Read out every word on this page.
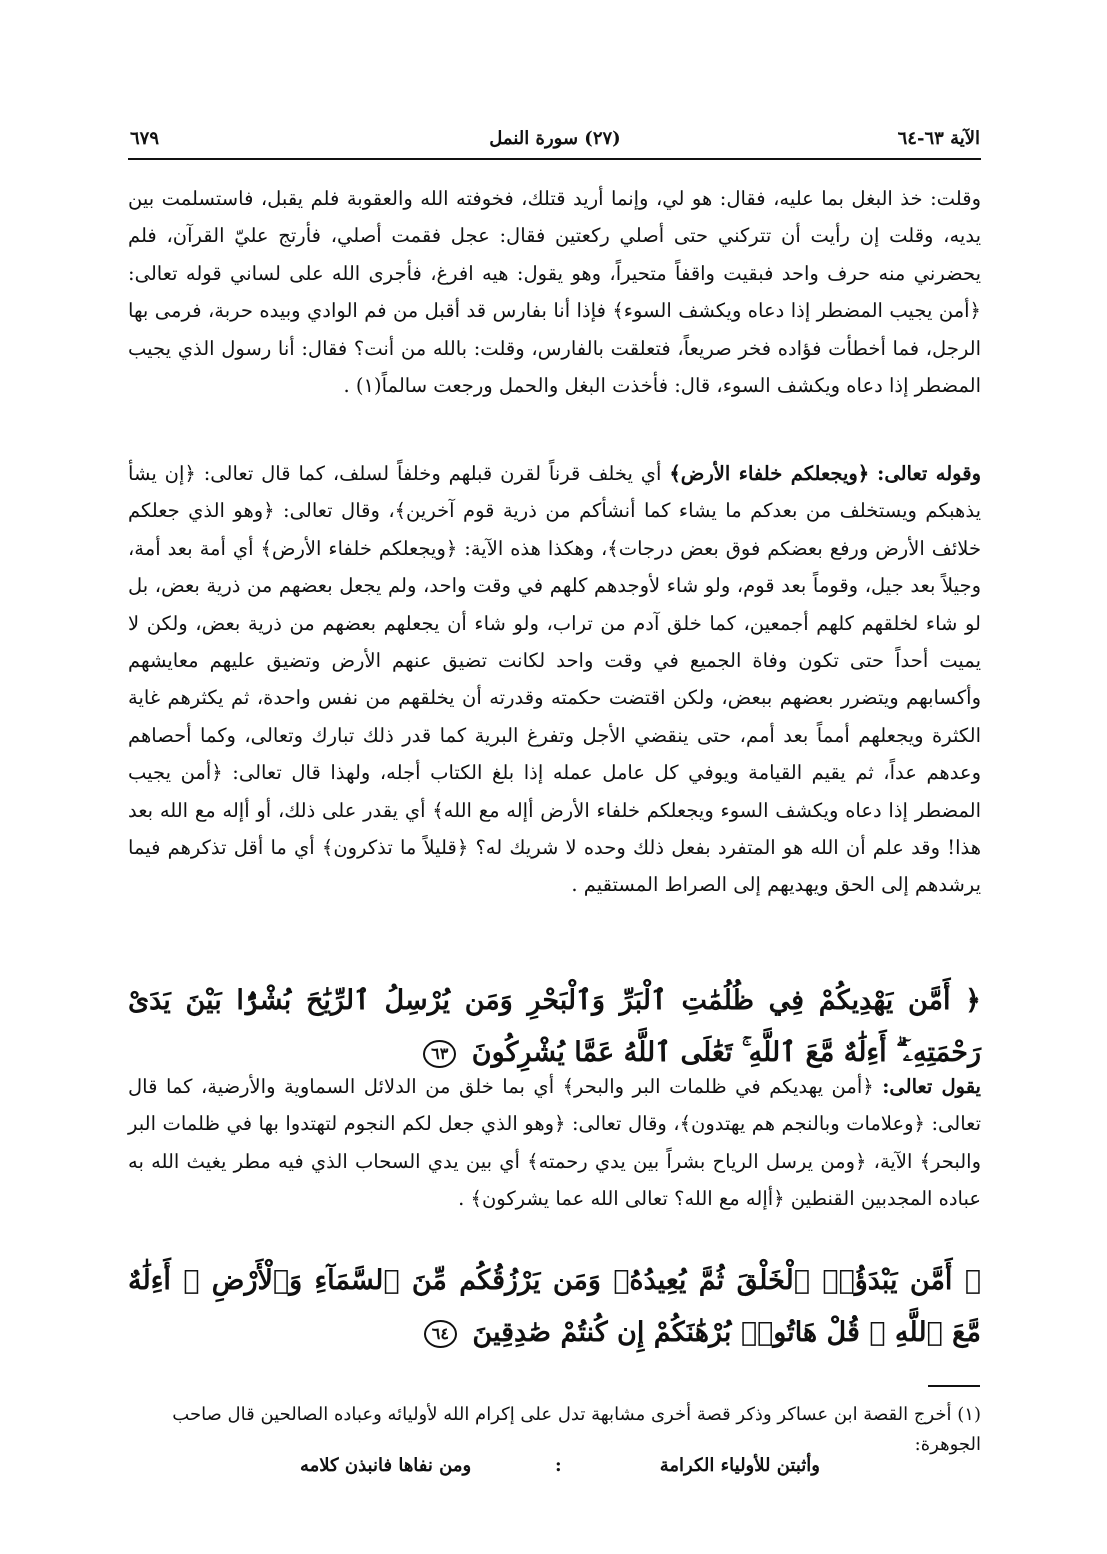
الآية ٦٣-٦٤
(٢٧) سورة النمل
٦٧٩

وقلت: خذ البغل بما عليه، فقال: هو لي، وإنما أريد قتلك، فخوفته الله والعقوبة فلم يقبل، فاستسلمت بين يديه، وقلت إن رأيت أن تتركني حتى أصلي ركعتين فقال: عجل فقمت أصلي، فأرتج عليّ القرآن، فلم يحضرني منه حرف واحد فبقيت واقفاً متحيراً، وهو يقول: هيه افرغ، فأجرى الله على لساني قوله تعالى: ﴿أمن يجيب المضطر إذا دعاه ويكشف السوء﴾ فإذا أنا بفارس قد أقبل من فم الوادي وبيده حربة، فرمى بها الرجل، فما أخطأت فؤاده فخر صريعاً، فتعلقت بالفارس، وقلت: بالله من أنت؟ فقال: أنا رسول الذي يجيب المضطر إذا دعاه ويكشف السوء، قال: فأخذت البغل والحمل ورجعت سالماً(١) .

وقوله تعالى: ﴿ويجعلكم خلفاء الأرض﴾ أي يخلف قرناً لقرن قبلهم وخلفاً لسلف، كما قال تعالى: ﴿إن يشأ يذهبكم ويستخلف من بعدكم ما يشاء كما أنشأكم من ذرية قوم آخرين﴾، وقال تعالى: ﴿وهو الذي جعلكم خلائف الأرض ورفع بعضكم فوق بعض درجات﴾، وهكذا هذه الآية: ﴿ويجعلكم خلفاء الأرض﴾ أي أمة بعد أمة، وجيلاً بعد جيل، وقوماً بعد قوم، ولو شاء لأوجدهم كلهم في وقت واحد، ولم يجعل بعضهم من ذرية بعض، بل لو شاء لخلقهم كلهم أجمعين، كما خلق آدم من تراب، ولو شاء أن يجعلهم بعضهم من ذرية بعض، ولكن لا يميت أحداً حتى تكون وفاة الجميع في وقت واحد لكانت تضيق عنهم الأرض وتضيق عليهم معايشهم وأكسابهم ويتضرر بعضهم ببعض، ولكن اقتضت حكمته وقدرته أن يخلقهم من نفس واحدة، ثم يكثرهم غاية الكثرة ويجعلهم أمماً بعد أمم، حتى ينقضي الأجل وتفرغ البرية كما قدر ذلك تبارك وتعالى، وكما أحصاهم وعدهم عداً، ثم يقيم القيامة ويوفي كل عامل عمله إذا بلغ الكتاب أجله، ولهذا قال تعالى: ﴿أمن يجيب المضطر إذا دعاه ويكشف السوء ويجعلكم خلفاء الأرض أإله مع الله﴾ أي يقدر على ذلك، أو أإله مع الله بعد هذا! وقد علم أن الله هو المتفرد بفعل ذلك وحده لا شريك له؟ ﴿قليلاً ما تذكرون﴾ أي ما أقل تذكرهم فيما يرشدهم إلى الحق ويهديهم إلى الصراط المستقيم .

﴿ أَمَّن يَهْدِيكُمْ فِي ظُلُمَٰتِ ٱلْبَرِّ وَٱلْبَحْرِ وَمَن يُرْسِلُ ٱلرِّيَٰحَ بُشْرًۢا بَيْنَ يَدَىْ رَحْمَتِهِۦٓ ۗ أَءِلَٰهٌ مَّعَ ٱللَّهِ ۚ تَعَٰلَى ٱللَّهُ عَمَّا يُشْرِكُونَ ٦٣

يقول تعالى: ﴿أمن يهديكم في ظلمات البر والبحر﴾ أي بما خلق من الدلائل السماوية والأرضية، كما قال تعالى: ﴿وعلامات وبالنجم هم يهتدون﴾، وقال تعالى: ﴿وهو الذي جعل لكم النجوم لتهتدوا بها في ظلمات البر والبحر﴾ الآية، ﴿ومن يرسل الرياح بشراً بين يدي رحمته﴾ أي بين يدي السحاب الذي فيه مطر يغيث الله به عباده المجدبين القنطين ﴿أإله مع الله؟ تعالى الله عما يشركون﴾ .

﴿ أَمَّن يَبْدَؤُا۟ ٱلْخَلْقَ ثُمَّ يُعِيدُهُۥ وَمَن يَرْزُقُكُم مِّنَ ٱلسَّمَآءِ وَٱلْأَرْضِ ۗ أَءِلَٰهٌ مَّعَ ٱللَّهِ ۚ قُلْ هَاتُوا۟ بُرْهَٰنَكُمْ إِن كُنتُمْ صَٰدِقِينَ ٦٤
(١) أخرج القصة ابن عساكر وذكر قصة أخرى مشابهة تدل على إكرام الله لأوليائه وعباده الصالحين قال صاحب الجوهرة:
وأثبتن للأولياء الكرامة
:
ومن نفاها فانبذن كلامه
